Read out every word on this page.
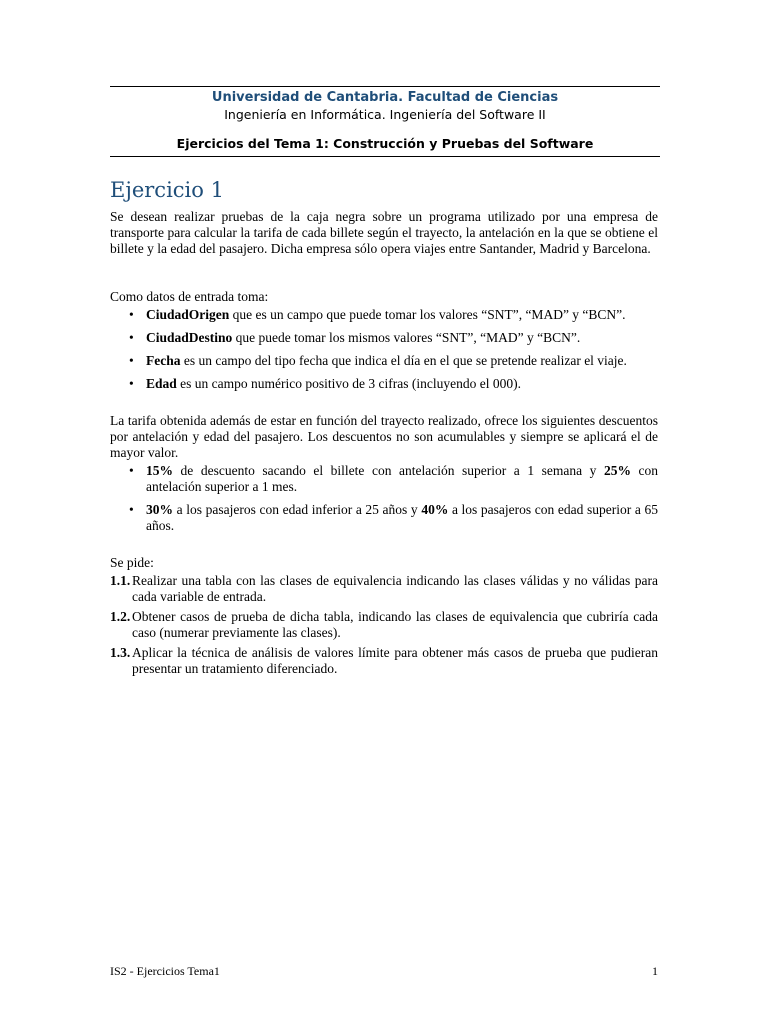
Universidad de Cantabria. Facultad de Ciencias
Ingeniería en Informática. Ingeniería del Software II
Ejercicios del Tema 1: Construcción y Pruebas del Software
Ejercicio 1

Se desean realizar pruebas de la caja negra sobre un programa utilizado por una empresa de transporte para calcular la tarifa de cada billete según el trayecto, la antelación en la que se obtiene el billete y la edad del pasajero. Dicha empresa sólo opera viajes entre Santander, Madrid y Barcelona.

Como datos de entrada toma:

• CiudadOrigen que es un campo que puede tomar los valores “SNT”, “MAD” y “BCN”.
• CiudadDestino que puede tomar los mismos valores “SNT”, “MAD” y “BCN”.
• Fecha es un campo del tipo fecha que indica el día en el que se pretende realizar el viaje.
• Edad es un campo numérico positivo de 3 cifras (incluyendo el 000).

La tarifa obtenida además de estar en función del trayecto realizado, ofrece los siguientes descuentos por antelación y edad del pasajero. Los descuentos no son acumulables y siempre se aplicará el de mayor valor.

• 15% de descuento sacando el billete con antelación superior a 1 semana y 25% con antelación superior a 1 mes.
• 30% a los pasajeros con edad inferior a 25 años y 40% a los pasajeros con edad superior a 65 años.

Se pide:

1.1. Realizar una tabla con las clases de equivalencia indicando las clases válidas y no válidas para cada variable de entrada.
1.2. Obtener casos de prueba de dicha tabla, indicando las clases de equivalencia que cubriría cada caso (numerar previamente las clases).
1.3. Aplicar la técnica de análisis de valores límite para obtener más casos de prueba que pudieran presentar un tratamiento diferenciado.
IS2 - Ejercicios Tema1	1
